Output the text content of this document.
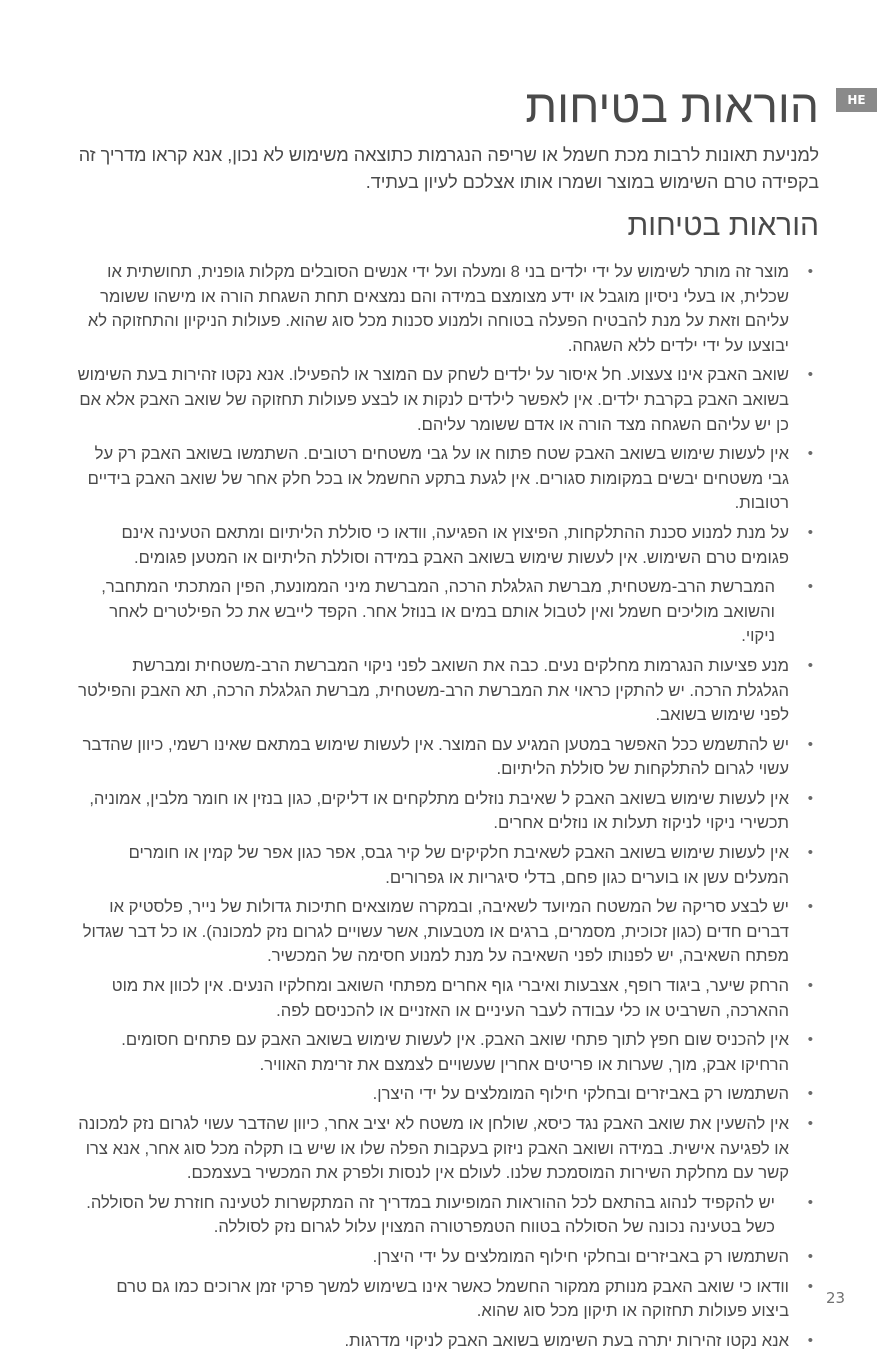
HE
הוראות בטיחות

למניעת תאונות לרבות מכת חשמל או שריפה הנגרמות כתוצאה משימוש לא נכון, אנא קראו מדריך זה בקפידה טרם השימוש במוצר ושמרו אותו אצלכם לעיון בעתיד.

הוראות בטיחות
•
מוצר זה מותר לשימוש על ידי ילדים בני 8 ומעלה ועל ידי אנשים הסובלים מקלות גופנית, תחושתית או שכלית, או בעלי ניסיון מוגבל או ידע מצומצם במידה והם נמצאים תחת השגחת הורה או מישהו ששומר עליהם וזאת על מנת להבטיח הפעלה בטוחה ולמנוע סכנות מכל סוג שהוא. פעולות הניקיון והתחזוקה לא יבוצעו על ידי ילדים ללא השגחה.
•
שואב האבק אינו צעצוע. חל איסור על ילדים לשחק עם המוצר או להפעילו. אנא נקטו זהירות בעת השימוש בשואב האבק בקרבת ילדים. אין לאפשר לילדים לנקות או לבצע פעולות תחזוקה של שואב האבק אלא אם כן יש עליהם השגחה מצד הורה או אדם ששומר עליהם.
•
אין לעשות שימוש בשואב האבק שטח פתוח או על גבי משטחים רטובים. השתמשו בשואב האבק רק על גבי משטחים יבשים במקומות סגורים. אין לגעת בתקע החשמל או בכל חלק אחר של שואב האבק בידיים רטובות.
•
על מנת למנוע סכנת ההתלקחות, הפיצוץ או הפגיעה, וודאו כי סוללת הליתיום ומתאם הטעינה אינם פגומים טרם השימוש. אין לעשות שימוש בשואב האבק במידה וסוללת הליתיום או המטען פגומים.
•
המברשת הרב-משטחית, מברשת הגלגלת הרכה, המברשת מיני הממונעת, הפין המתכתי המתחבר, והשואב מוליכים חשמל ואין לטבול אותם במים או בנוזל אחר. הקפד לייבש את כל הפילטרים לאחר ניקוי.
•
מנע פציעות הנגרמות מחלקים נעים. כבה את השואב לפני ניקוי המברשת הרב-משטחית ומברשת הגלגלת הרכה. יש להתקין כראוי את המברשת הרב-משטחית, מברשת הגלגלת הרכה, תא האבק והפילטר לפני שימוש בשואב.
•
יש להתשמש ככל האפשר במטען המגיע עם המוצר. אין לעשות שימוש במתאם שאינו רשמי, כיוון שהדבר עשוי לגרום להתלקחות של סוללת הליתיום.
•
אין לעשות שימוש בשואב האבק ל שאיבת נוזלים מתלקחים או דליקים, כגון בנזין או חומר מלבין, אמוניה, תכשירי ניקוי לניקוז תעלות או נוזלים אחרים.
•
אין לעשות שימוש בשואב האבק לשאיבת חלקיקים של קיר גבס, אפר כגון אפר של קמין או חומרים המעלים עשן או בוערים כגון פחם, בדלי סיגריות או גפרורים.
•
יש לבצע סריקה של המשטח המיועד לשאיבה, ובמקרה שמוצאים חתיכות גדולות של נייר, פלסטיק או דברים חדים (כגון זכוכית, מסמרים, ברגים או מטבעות, אשר עשויים לגרום נזק למכונה). או כל דבר שגדול מפתח השאיבה, יש לפנותו לפני השאיבה על מנת למנוע חסימה של המכשיר.
•
הרחק שיער, ביגוד רופף, אצבעות ואיברי גוף אחרים מפתחי השואב ומחלקיו הנעים. אין לכוון את מוט ההארכה, השרביט או כלי עבודה לעבר העיניים או האזניים או להכניסם לפה.
•
אין להכניס שום חפץ לתוך פתחי שואב האבק. אין לעשות שימוש בשואב האבק עם פתחים חסומים. הרחיקו אבק, מוך, שערות או פריטים אחרין שעשויים לצמצם את זרימת האוויר.
•
השתמשו רק באביזרים ובחלקי חילוף המומלצים על ידי היצרן.
•
אין להשעין את שואב האבק נגד כיסא, שולחן או משטח לא יציב אחר, כיוון שהדבר עשוי לגרום נזק למכונה או לפגיעה אישית. במידה ושואב האבק ניזוק בעקבות הפלה שלו או שיש בו תקלה מכל סוג אחר, אנא צרו קשר עם מחלקת השירות המוסמכת שלנו. לעולם אין לנסות ולפרק את המכשיר בעצמכם.
•
יש להקפיד לנהוג בהתאם לכל ההוראות המופיעות במדריך זה המתקשרות לטעינה חוזרת של הסוללה. כשל בטעינה נכונה של הסוללה בטווח הטמפרטורה המצוין עלול לגרום נזק לסוללה.
•
השתמשו רק באביזרים ובחלקי חילוף המומלצים על ידי היצרן.
•
וודאו כי שואב האבק מנותק ממקור החשמל כאשר אינו בשימוש למשך פרקי זמן ארוכים כמו גם טרם ביצוע פעולות תחזוקה או תיקון מכל סוג שהוא.
•
אנא נקטו זהירות יתרה בעת השימוש בשואב האבק לניקוי מדרגות.
23
